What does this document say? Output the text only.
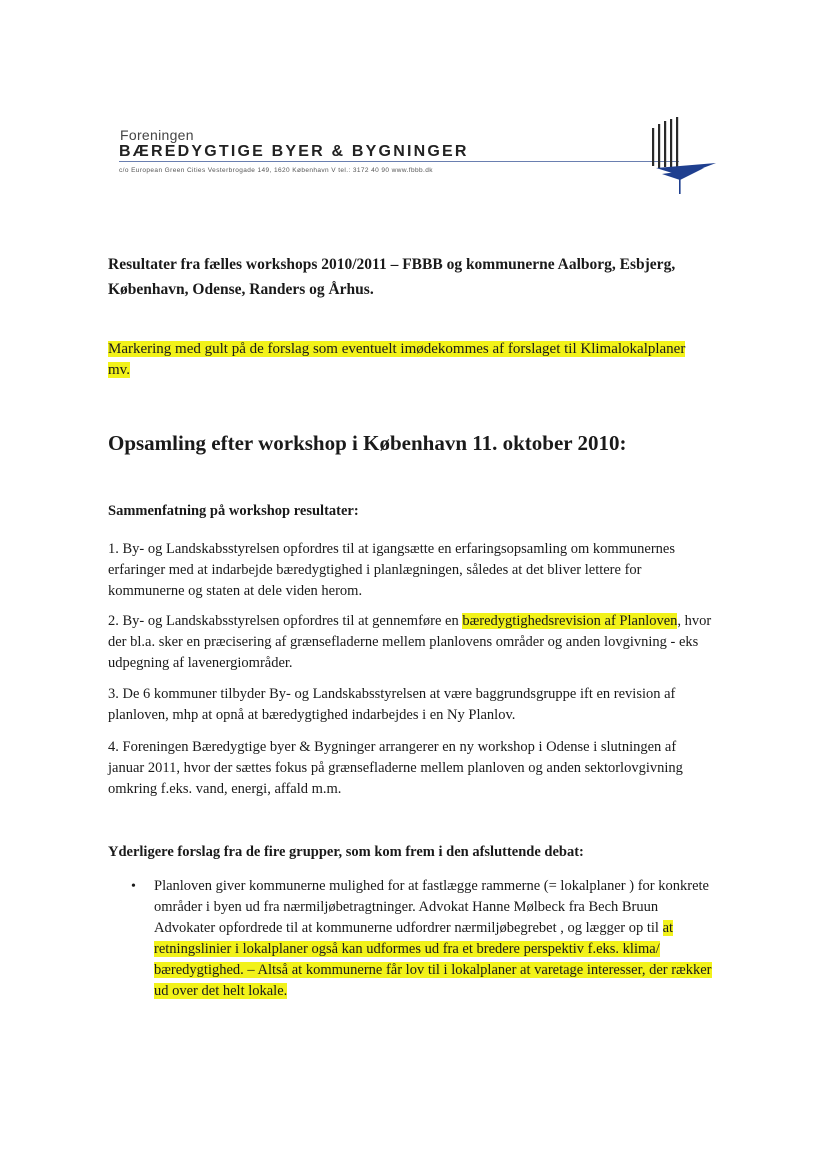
Foreningen
BÆREDYGTIGE BYER & BYGNINGER
c/o European Green Cities Vesterbrogade 149, 1620 København V tel.: 3172 40 90 www.fbbb.dk
Resultater fra fælles workshops 2010/2011 – FBBB og kommunerne Aalborg, Esbjerg, København, Odense, Randers og Århus.
Markering med gult på de forslag som eventuelt imødekommes af forslaget til Klimalokalplaner mv.
Opsamling efter workshop i København 11. oktober 2010:
Sammenfatning på workshop resultater:
1. By- og Landskabsstyrelsen opfordres til at igangsætte en erfaringsopsamling om kommunernes erfaringer med at indarbejde bæredygtighed i planlægningen, således at det bliver lettere for kommunerne og staten at dele viden herom.
2. By- og Landskabsstyrelsen opfordres til at gennemføre en bæredygtighedsrevision af Planloven, hvor der bl.a. sker en præcisering af grænsefladerne mellem planlovens områder og anden lovgivning - eks udpegning af lavenergiområder.
3. De 6 kommuner tilbyder By- og Landskabsstyrelsen at være baggrundsgruppe ift en revision af planloven, mhp at opnå at bæredygtighed indarbejdes i en Ny Planlov.
4. Foreningen Bæredygtige byer & Bygninger arrangerer en ny workshop i Odense i slutningen af januar 2011, hvor der sættes fokus på grænsefladerne mellem planloven og anden sektorlovgivning omkring f.eks. vand, energi, affald m.m.
Yderligere forslag fra de fire grupper, som kom frem i den afsluttende debat:
• Planloven giver kommunerne mulighed for at fastlægge rammerne (= lokalplaner ) for konkrete områder i byen ud fra nærmiljøbetragtninger. Advokat Hanne Mølbeck fra Bech Bruun Advokater opfordrede til at kommunerne udfordrer nærmiljøbegrebet , og lægger op til at retningslinier i lokalplaner også kan udformes ud fra et bredere perspektiv f.eks. klima/ bæredygtighed. – Altså at kommunerne får lov til i lokalplaner at varetage interesser, der rækker ud over det helt lokale.
